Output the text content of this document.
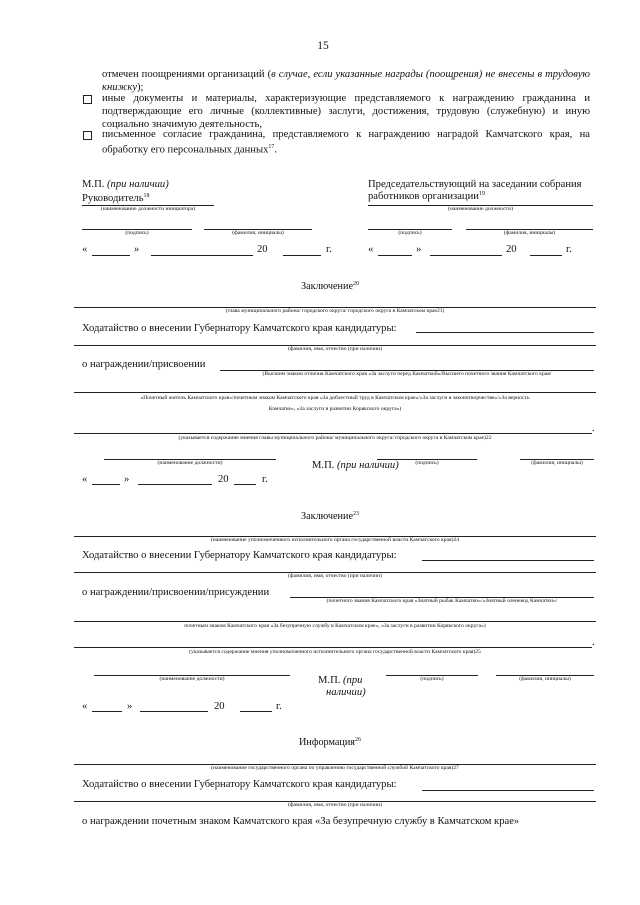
15
отмечен поощрениями организаций (в случае, если указанные награды (поощрения) не внесены в трудовую книжку);
иные документы и материалы, характеризующие представляемого к награждению гражданина и подтверждающие его личные (коллективные) заслуги, достижения, трудовую (служебную) и иную социально значимую деятельность,
письменное согласие гражданина, представляемого к награждению наградой Камчатского края, на обработку его персональных данных$^{17}$.
М.П. (при наличии)
Руководитель$^{18}$
(наименование должности инициатора)
Председательствующий на заседании собрания
работников организации$^{19}$
(наименование должности)
(подпись)	(фамилия, инициалы)	(подпись)	(фамилия, инициалы)
«	»	20	г.	«	»	20	г.
Заключение$^{20}$
(глава муниципального района/ городского округа/ городского округа в Камчатском крае21)
Ходатайство о внесении Губернатору Камчатского края кандидатуры:
(фамилия, имя, отчество (при наличии)
о награждении/присвоении
(Высшим знаком отличия Камчатского края «За заслуги перед Камчаткой»/Высшего почетного звания Камчатского края/
«Почетный житель Камчатского края»/почетным знаком Камчатского края «За доблестный труд в Камчатском крае»/«За заслуги в законотворчестве»/«За верность
Камчатке», «За заслуги в развитии Корякского округа»)
.
(указывается содержание мнения главы муниципального района/ муниципального округа/ городского округа в Камчатском крае)22
(наименование должности)	М.П. (при наличии)	(подпись)	(фамилия, инициалы)
«	»	20	г.
Заключение$^{23}$
(наименование уполномоченного исполнительного органа государственной власти Камчатского края)24
Ходатайство о внесении Губернатору Камчатского края кандидатуры:
(фамилия, имя, отчество (при наличии)
о награждении/присвоении/присуждении
(почетного звания Камчатского края «Знатный рыбак Камчатки»/«Знатный оленевод Камчатки»/
почетным знаком Камчатского края «За безупречную службу в Камчатском крае», «За заслуги в развитии Корякского округа»)
.
(указывается содержание мнения уполномоченного исполнительного органа государственной власти Камчатского края)25
(наименование должности)	М.П. (при
наличии)
(подпись)	(фамилия, инициалы)
«	»	20	г.
Информация$^{26}$
(наименование государственного органа по управлению государственной службой Камчатского края)27
Ходатайство о внесении Губернатору Камчатского края кандидатуры:
(фамилия, имя, отчество (при наличии)
о награждении почетным знаком Камчатского края «За безупречную службу в Камчатском крае»
